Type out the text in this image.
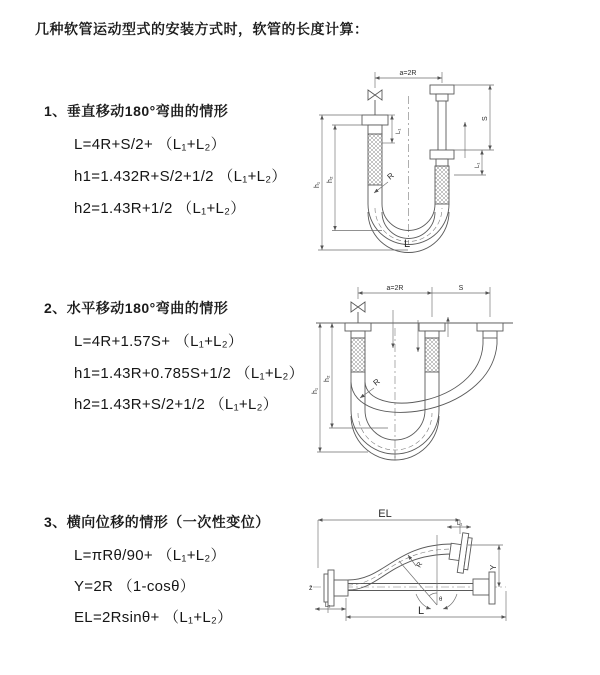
几种软管运动型式的安装方式时，软管的长度计算：
1、垂直移动180°弯曲的情形
L=4R+S/2+ （L₁+L₂）
h1=1.432R+S/2+1/2 （L₁+L₂）
h2=1.43R+1/2 （L₁+L₂）
2、水平移动180°弯曲的情形
L=4R+1.57S+ （L₁+L₂）
h1=1.43R+0.785S+1/2 （L₁+L₂）
h2=1.43R+S/2+1/2 （L₁+L₂）
3、横向位移的情形（一次性变位）
L=πRθ/90+ （L₁+L₂）
Y=2R （1-cosθ）
EL=2Rsinθ+ （L₁+L₂）
a=2R
h₁
h₂
L₁
S
L₁
R
L
a=2R	S
h₁
h₂	R
z̄
EL
L₁
θ
R	Y
L
L₁
